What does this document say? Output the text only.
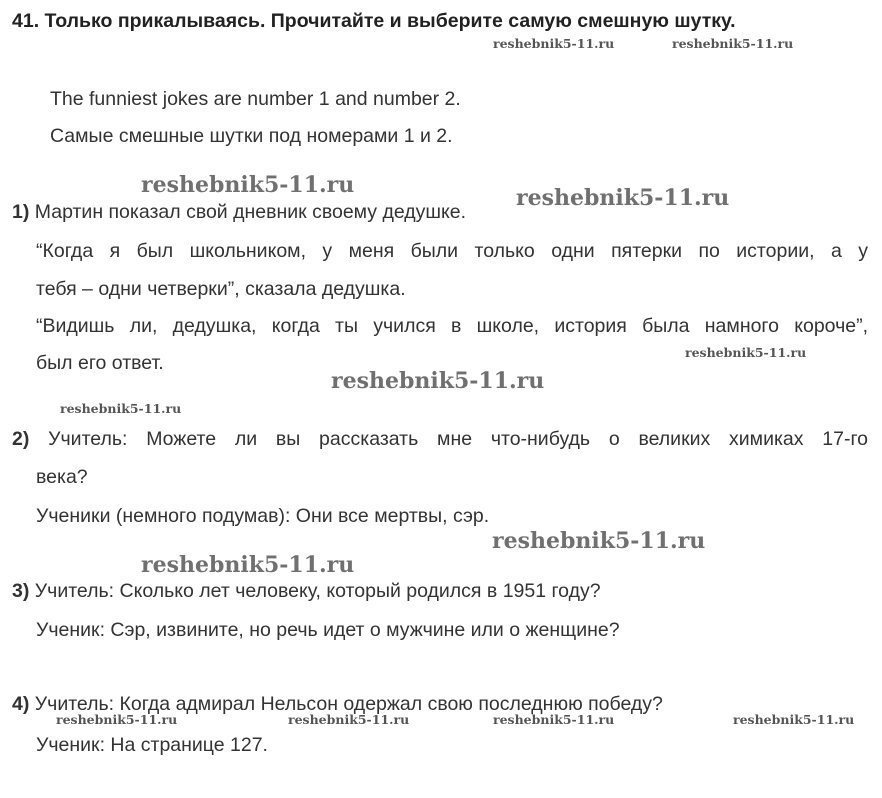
41. Только прикалываясь. Прочитайте и выберите самую смешную шутку.
The funniest jokes are number 1 and number 2.
Самые смешные шутки под номерами 1 и 2.
1) Мартин показал свой дневник своему дедушке.
“Когда я был школьником, у меня были только одни пятерки по истории, а у
тебя – одни четверки”, сказала дедушка.
“Видишь ли, дедушка, когда ты учился в школе, история была намного короче”,
был его ответ.
2) Учитель: Можете ли вы рассказать мне что-нибудь о великих химиках 17-го
века?
Ученики (немного подумав): Они все мертвы, сэр.
3) Учитель: Сколько лет человеку, который родился в 1951 году?
Ученик: Сэр, извините, но речь идет о мужчине или о женщине?
4) Учитель: Когда адмирал Нельсон одержал свою последнюю победу?
Ученик: На странице 127.
reshebnik5-11.ru	reshebnik5-11.ru
reshebnik5-11.ru	reshebnik5-11.ru
reshebnik5-11.ru
reshebnik5-11.ru
reshebnik5-11.ru
reshebnik5-11.ru
reshebnik5-11.ru
reshebnik5-11.ru	reshebnik5-11.ru	reshebnik5-11.ru	reshebnik5-11.ru
